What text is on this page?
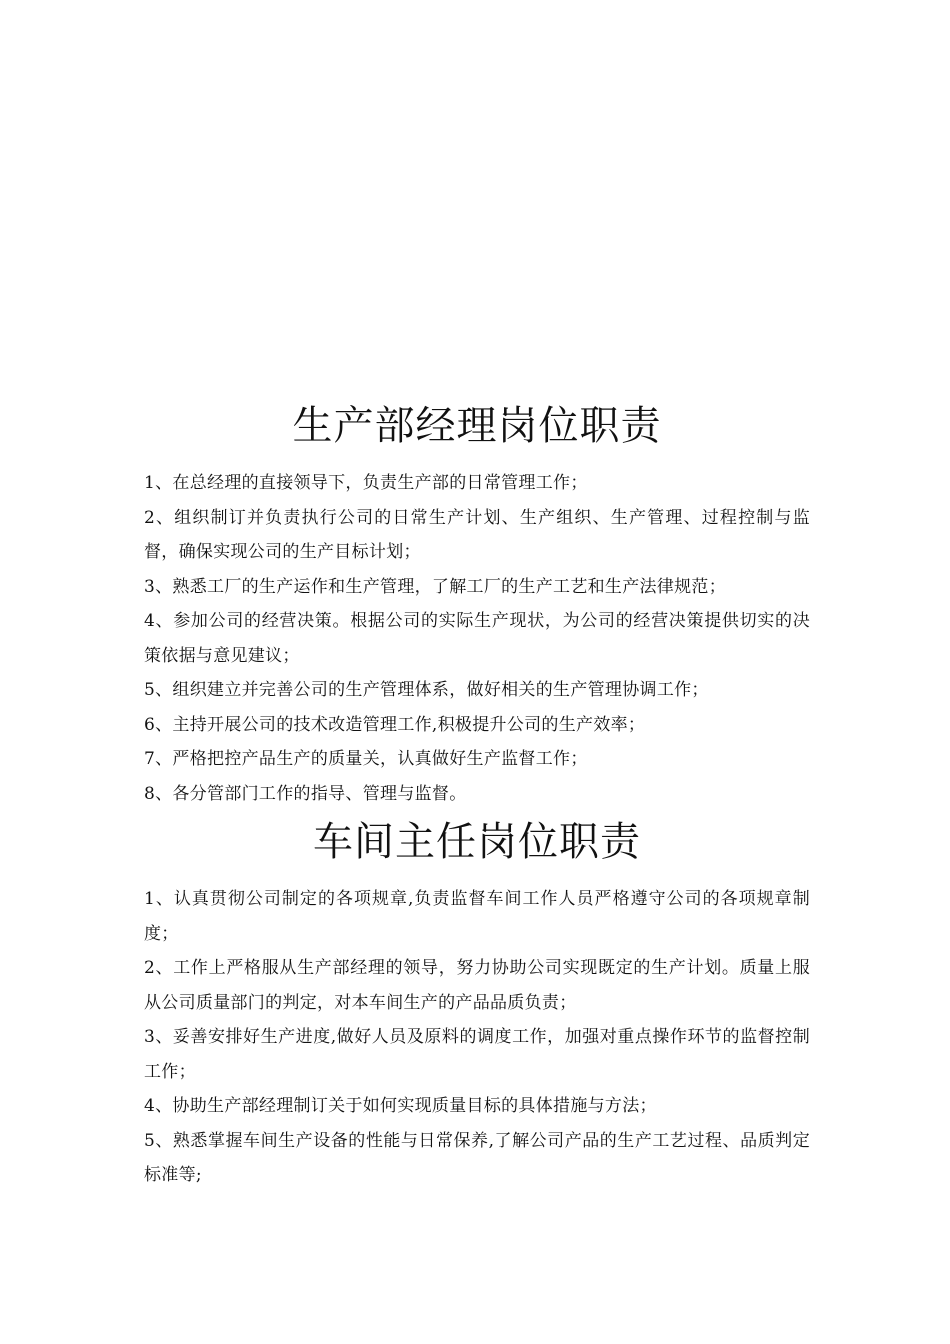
生产部经理岗位职责

1、在总经理的直接领导下，负责生产部的日常管理工作；

2、组织制订并负责执行公司的日常生产计划、生产组织、生产管理、过程控制与监督，确保实现公司的生产目标计划；

3、熟悉工厂的生产运作和生产管理，了解工厂的生产工艺和生产法律规范；

4、参加公司的经营决策。根据公司的实际生产现状，为公司的经营决策提供切实的决策依据与意见建议；

5、组织建立并完善公司的生产管理体系，做好相关的生产管理协调工作；

6、主持开展公司的技术改造管理工作,积极提升公司的生产效率；

7、严格把控产品生产的质量关，认真做好生产监督工作；

8、各分管部门工作的指导、管理与监督。

车间主任岗位职责

1、认真贯彻公司制定的各项规章,负责监督车间工作人员严格遵守公司的各项规章制度；

2、工作上严格服从生产部经理的领导，努力协助公司实现既定的生产计划。质量上服从公司质量部门的判定，对本车间生产的产品品质负责；

3、妥善安排好生产进度,做好人员及原料的调度工作，加强对重点操作环节的监督控制工作；

4、协助生产部经理制订关于如何实现质量目标的具体措施与方法；

5、熟悉掌握车间生产设备的性能与日常保养,了解公司产品的生产工艺过程、品质判定标准等;
